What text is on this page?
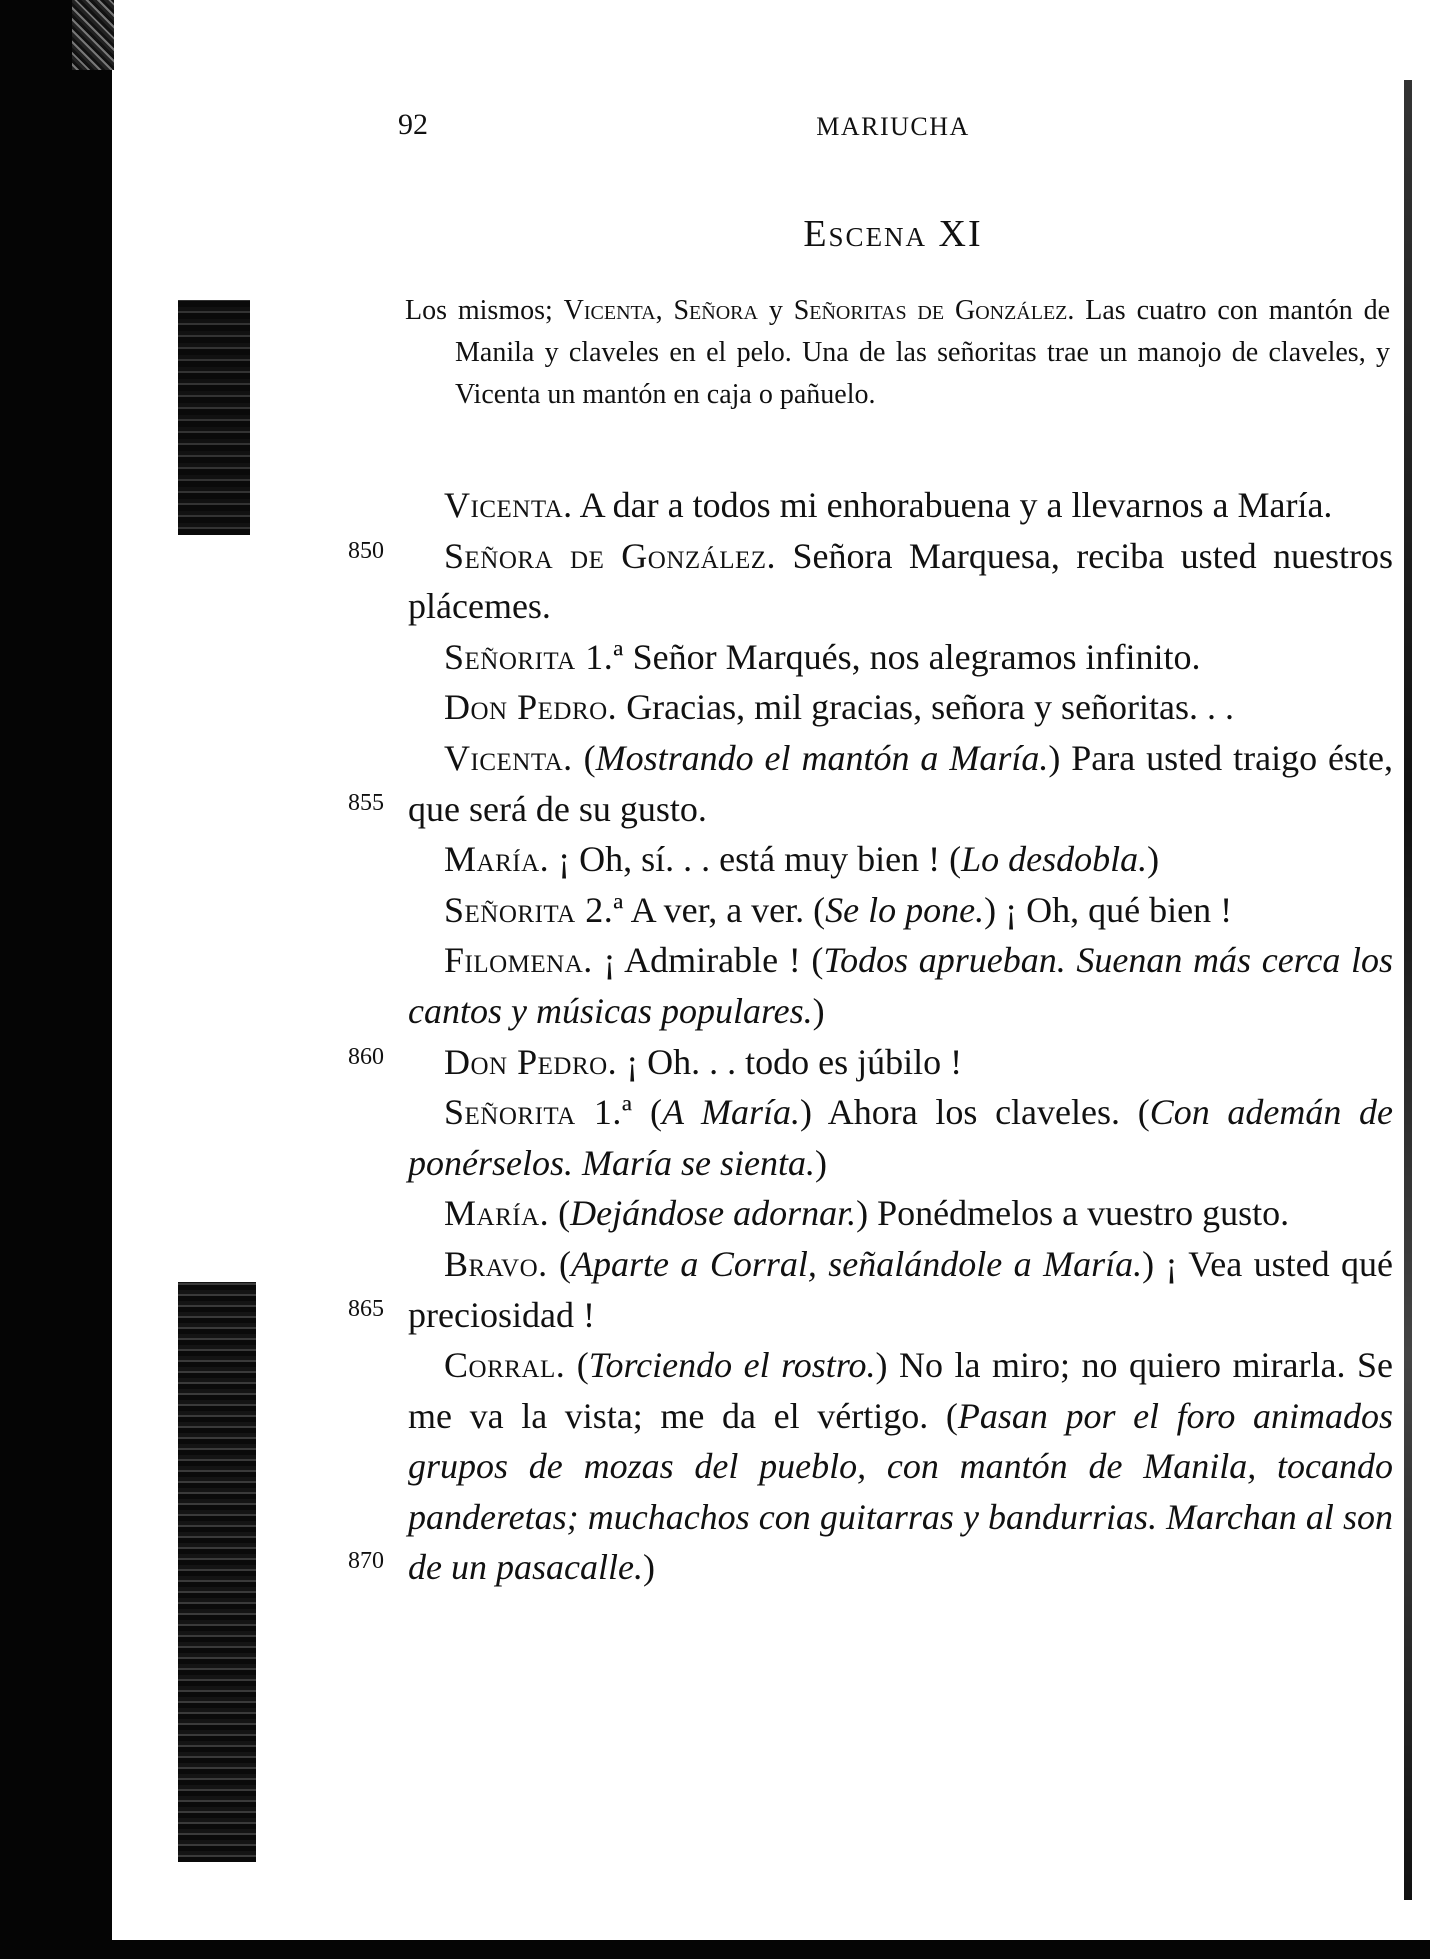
92	MARIUCHA
Escena XI

Los mismos; Vicenta, Señora y Señoritas de González. Las cuatro con mantón de Manila y claveles en el pelo. Una de las señoritas trae un manojo de claveles, y Vicenta un mantón en caja o pañuelo.

Vicenta. A dar a todos mi enhorabuena y a llevarnos a María.

Señora de González. Señora Marquesa, reciba usted nuestros plácemes.

Señorita 1.ª Señor Marqués, nos alegramos infinito.

Don Pedro. Gracias, mil gracias, señora y señoritas. . .

Vicenta. (Mostrando el mantón a María.) Para usted traigo éste, que será de su gusto.

María. ¡ Oh, sí. . . está muy bien ! (Lo desdobla.)

Señorita 2.ª A ver, a ver. (Se lo pone.) ¡ Oh, qué bien !

Filomena. ¡ Admirable ! (Todos aprueban. Suenan más cerca los cantos y músicas populares.)

Don Pedro. ¡ Oh. . . todo es júbilo !

Señorita 1.ª (A María.) Ahora los claveles. (Con ademán de ponérselos. María se sienta.)

María. (Dejándose adornar.) Ponédmelos a vuestro gusto.

Bravo. (Aparte a Corral, señalándole a María.) ¡ Vea usted qué preciosidad !

Corral. (Torciendo el rostro.) No la miro; no quiero mirarla. Se me va la vista; me da el vértigo. (Pasan por el foro animados grupos de mozas del pueblo, con mantón de Manila, tocando panderetas; muchachos con guitarras y bandurrias. Marchan al son de un pasacalle.)

850
855
860
865
870
